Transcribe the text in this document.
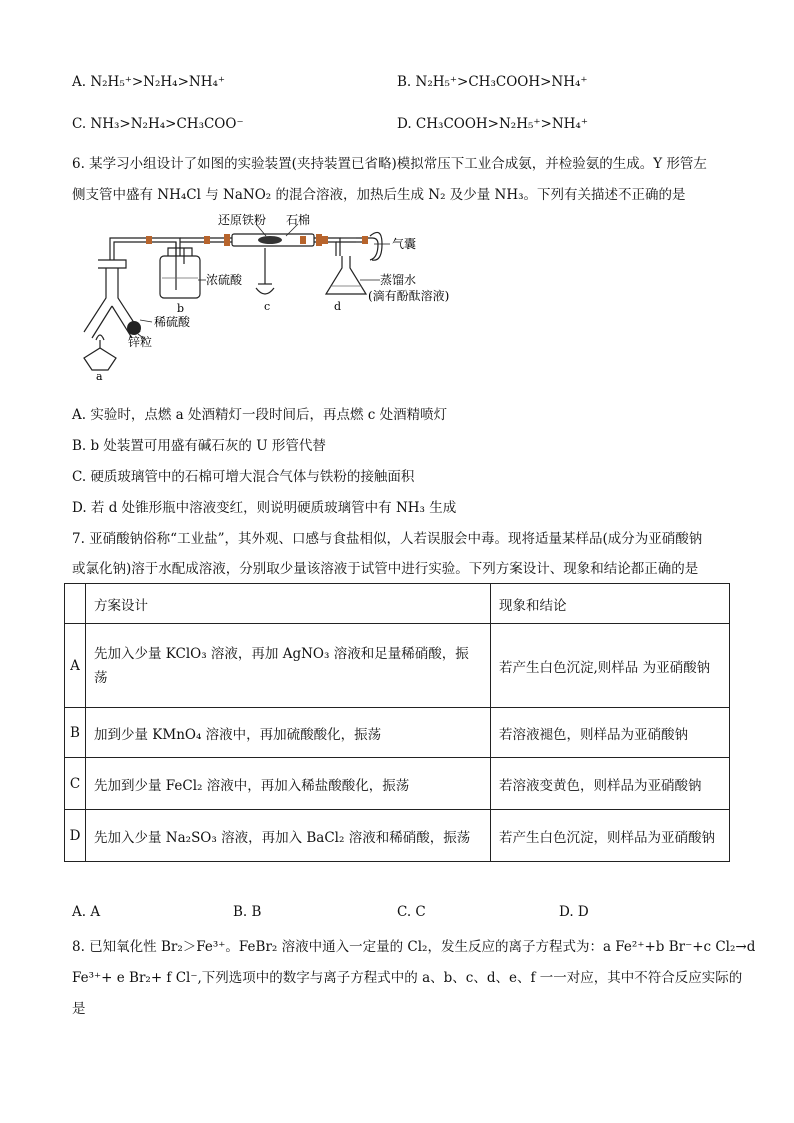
A. N₂H₅⁺>N₂H₄>NH₄⁺	B. N₂H₅⁺>CH₃COOH>NH₄⁺
C. NH₃>N₂H₄>CH₃COO⁻	D. CH₃COOH>N₂H₅⁺>NH₄⁺
6. 某学习小组设计了如图的实验装置(夹持装置已省略)模拟常压下工业合成氨，并检验氨的生成。Y 形管左
侧支管中盛有 NH₄Cl 与 NaNO₂ 的混合溶液，加热后生成 N₂ 及少量 NH₃。下列有关描述不正确的是
还原铁粉 石棉
气囊
浓硫酸	蒸馏水
(滴有酚酞溶液)
稀硫酸
锌粒
a
b	c	d
A. 实验时，点燃 a 处酒精灯一段时间后，再点燃 c 处酒精喷灯
B. b 处装置可用盛有碱石灰的 U 形管代替
C. 硬质玻璃管中的石棉可增大混合气体与铁粉的接触面积
D. 若 d 处锥形瓶中溶液变红，则说明硬质玻璃管中有 NH₃ 生成
7. 亚硝酸钠俗称“工业盐”，其外观、口感与食盐相似，人若误服会中毒。现将适量某样品(成分为亚硝酸钠
或氯化钠)溶于水配成溶液，分别取少量该溶液于试管中进行实验。下列方案设计、现象和结论都正确的是
	方案设计	现象和结论
A	先加入少量 KClO₃ 溶液，再加 AgNO₃ 溶液和足量稀硝酸，振荡	若产生白色沉淀,则样品 为亚硝酸钠
B	加到少量 KMnO₄ 溶液中，再加硫酸酸化，振荡	若溶液褪色，则样品为亚硝酸钠
C	先加到少量 FeCl₂ 溶液中，再加入稀盐酸酸化，振荡	若溶液变黄色，则样品为亚硝酸钠
D	先加入少量 Na₂SO₃ 溶液，再加入 BaCl₂ 溶液和稀硝酸，振荡	若产生白色沉淀，则样品为亚硝酸钠
A. A	B. B	C. C	D. D
8. 已知氧化性 Br₂＞Fe³⁺。FeBr₂ 溶液中通入一定量的 Cl₂，发生反应的离子方程式为：a Fe²⁺+b Br⁻+c Cl₂→d
Fe³⁺+ e Br₂+ f Cl⁻,下列选项中的数字与离子方程式中的 a、b、c、d、e、f 一一对应，其中不符合反应实际的
是
